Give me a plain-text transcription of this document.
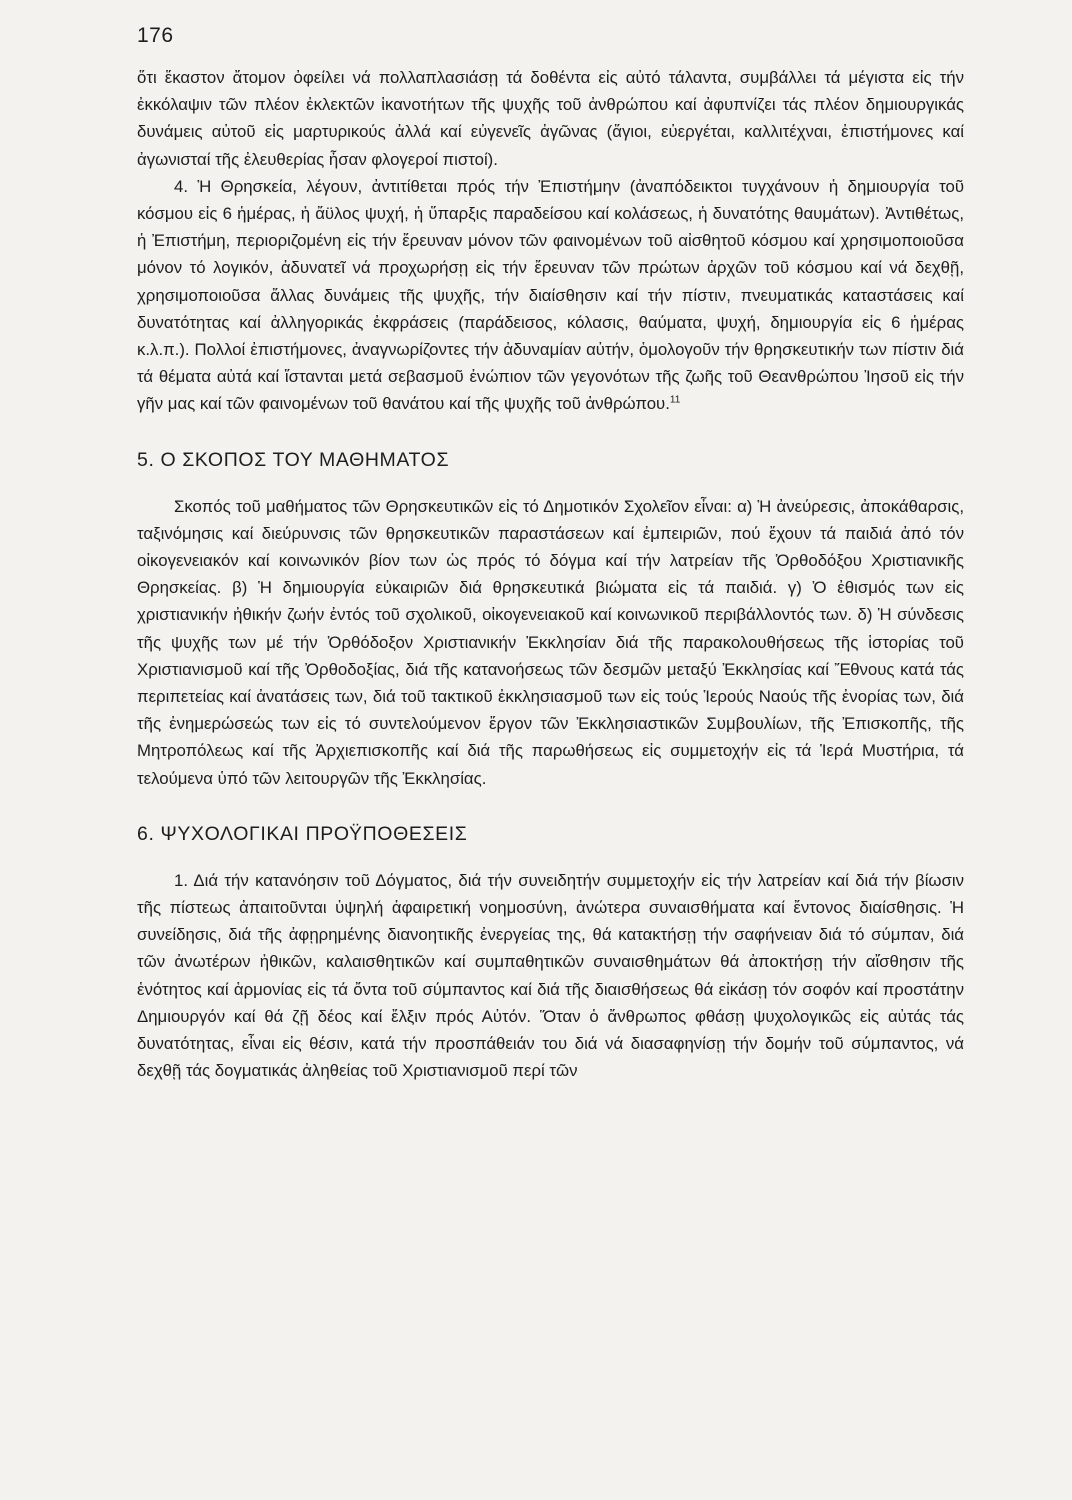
176

ὅτι ἕκαστον ἄτομον ὀφείλει νά πολλαπλασιάσῃ τά δοθέντα εἰς αὐτό τάλαντα, συμβάλλει τά μέγιστα εἰς τήν ἐκκόλαψιν τῶν πλέον ἐκλεκτῶν ἱκανοτήτων τῆς ψυχῆς τοῦ ἀνθρώπου καί ἀφυπνίζει τάς πλέον δημιουργικάς δυνάμεις αὐτοῦ εἰς μαρτυρικούς ἀλλά καί εὐγενεῖς ἀγῶνας (ἅγιοι, εὐεργέται, καλλιτέχναι, ἐπιστήμονες καί ἀγωνισταί τῆς ἐλευθερίας ἦσαν φλογεροί πιστοί).

4. Ἡ Θρησκεία, λέγουν, ἀντιτίθεται πρός τήν Ἐπιστήμην (ἀναπόδεικτοι τυγχάνουν ἡ δημιουργία τοῦ κόσμου εἰς 6 ἡμέρας, ἡ ἄϋλος ψυχή, ἡ ὕπαρξις παραδείσου καί κολάσεως, ἡ δυνατότης θαυμάτων). Ἀντιθέτως, ἡ Ἐπιστήμη, περιοριζομένη εἰς τήν ἔρευναν μόνον τῶν φαινομένων τοῦ αἰσθητοῦ κόσμου καί χρησιμοποιοῦσα μόνον τό λογικόν, ἀδυνατεῖ νά προχωρήσῃ εἰς τήν ἔρευναν τῶν πρώτων ἀρχῶν τοῦ κόσμου καί νά δεχθῇ, χρησιμοποιοῦσα ἄλλας δυνάμεις τῆς ψυχῆς, τήν διαίσθησιν καί τήν πίστιν, πνευματικάς καταστάσεις καί δυνατότητας καί ἀλληγορικάς ἐκφράσεις (παράδεισος, κόλασις, θαύματα, ψυχή, δημιουργία εἰς 6 ἡμέρας κ.λ.π.). Πολλοί ἐπιστήμονες, ἀναγνωρίζοντες τήν ἀδυναμίαν αὐτήν, ὁμολογοῦν τήν θρησκευτικήν των πίστιν διά τά θέματα αὐτά καί ἵστανται μετά σεβασμοῦ ἐνώπιον τῶν γεγονότων τῆς ζωῆς τοῦ Θεανθρώπου Ἰησοῦ εἰς τήν γῆν μας καί τῶν φαινομένων τοῦ θανάτου καί τῆς ψυχῆς τοῦ ἀνθρώπου.$^{11}$

5. Ο ΣΚΟΠΟΣ ΤΟΥ ΜΑΘΗΜΑΤΟΣ

Σκοπός τοῦ μαθήματος τῶν Θρησκευτικῶν εἰς τό Δημοτικόν Σχολεῖον εἶναι: α) Ἡ ἀνεύρεσις, ἀποκάθαρσις, ταξινόμησις καί διεύρυνσις τῶν θρησκευτικῶν παραστάσεων καί ἐμπειριῶν, πού ἔχουν τά παιδιά ἀπό τόν οἰκογενειακόν καί κοινωνικόν βίον των ὡς πρός τό δόγμα καί τήν λατρείαν τῆς Ὀρθοδόξου Χριστιανικῆς Θρησκείας. β) Ἡ δημιουργία εὐκαιριῶν διά θρησκευτικά βιώματα εἰς τά παιδιά. γ) Ὁ ἐθισμός των εἰς χριστιανικήν ἠθικήν ζωήν ἐντός τοῦ σχολικοῦ, οἰκογενειακοῦ καί κοινωνικοῦ περιβάλλοντός των. δ) Ἡ σύνδεσις τῆς ψυχῆς των μέ τήν Ὀρθόδοξον Χριστιανικήν Ἐκκλησίαν διά τῆς παρακολουθήσεως τῆς ἱστορίας τοῦ Χριστιανισμοῦ καί τῆς Ὀρθοδοξίας, διά τῆς κατανοήσεως τῶν δεσμῶν μεταξύ Ἐκκλησίας καί Ἔθνους κατά τάς περιπετείας καί ἀνατάσεις των, διά τοῦ τακτικοῦ ἐκκλησιασμοῦ των εἰς τούς Ἱερούς Ναούς τῆς ἐνορίας των, διά τῆς ἐνημερώσεώς των εἰς τό συντελούμενον ἔργον τῶν Ἐκκλησιαστικῶν Συμβουλίων, τῆς Ἐπισκοπῆς, τῆς Μητροπόλεως καί τῆς Ἀρχιεπισκοπῆς καί διά τῆς παρωθήσεως εἰς συμμετοχήν εἰς τά Ἱερά Μυστήρια, τά τελούμενα ὑπό τῶν λειτουργῶν τῆς Ἐκκλησίας.

6. ΨΥΧΟΛΟΓΙΚΑΙ ΠΡΟΫΠΟΘΕΣΕΙΣ

1. Διά τήν κατανόησιν τοῦ Δόγματος, διά τήν συνειδητήν συμμετοχήν εἰς τήν λατρείαν καί διά τήν βίωσιν τῆς πίστεως ἀπαιτοῦνται ὑψηλή ἀφαιρετική νοημοσύνη, ἀνώτερα συναισθήματα καί ἔντονος διαίσθησις. Ἡ συνείδησις, διά τῆς ἀφῃρημένης διανοητικῆς ἐνεργείας της, θά κατακτήσῃ τήν σαφήνειαν διά τό σύμπαν, διά τῶν ἀνωτέρων ἠθικῶν, καλαισθητικῶν καί συμπαθητικῶν συναισθημάτων θά ἀποκτήσῃ τήν αἴσθησιν τῆς ἑνότητος καί ἁρμονίας εἰς τά ὄντα τοῦ σύμπαντος καί διά τῆς διαισθήσεως θά εἰκάσῃ τόν σοφόν καί προστάτην Δημιουργόν καί θά ζῇ δέος καί ἔλξιν πρός Αὐτόν. Ὅταν ὁ ἄνθρωπος φθάσῃ ψυχολογικῶς εἰς αὐτάς τάς δυνατότητας, εἶναι εἰς θέσιν, κατά τήν προσπάθειάν του διά νά διασαφηνίσῃ τήν δομήν τοῦ σύμπαντος, νά δεχθῇ τάς δογματικάς ἀληθείας τοῦ Χριστιανισμοῦ περί τῶν
